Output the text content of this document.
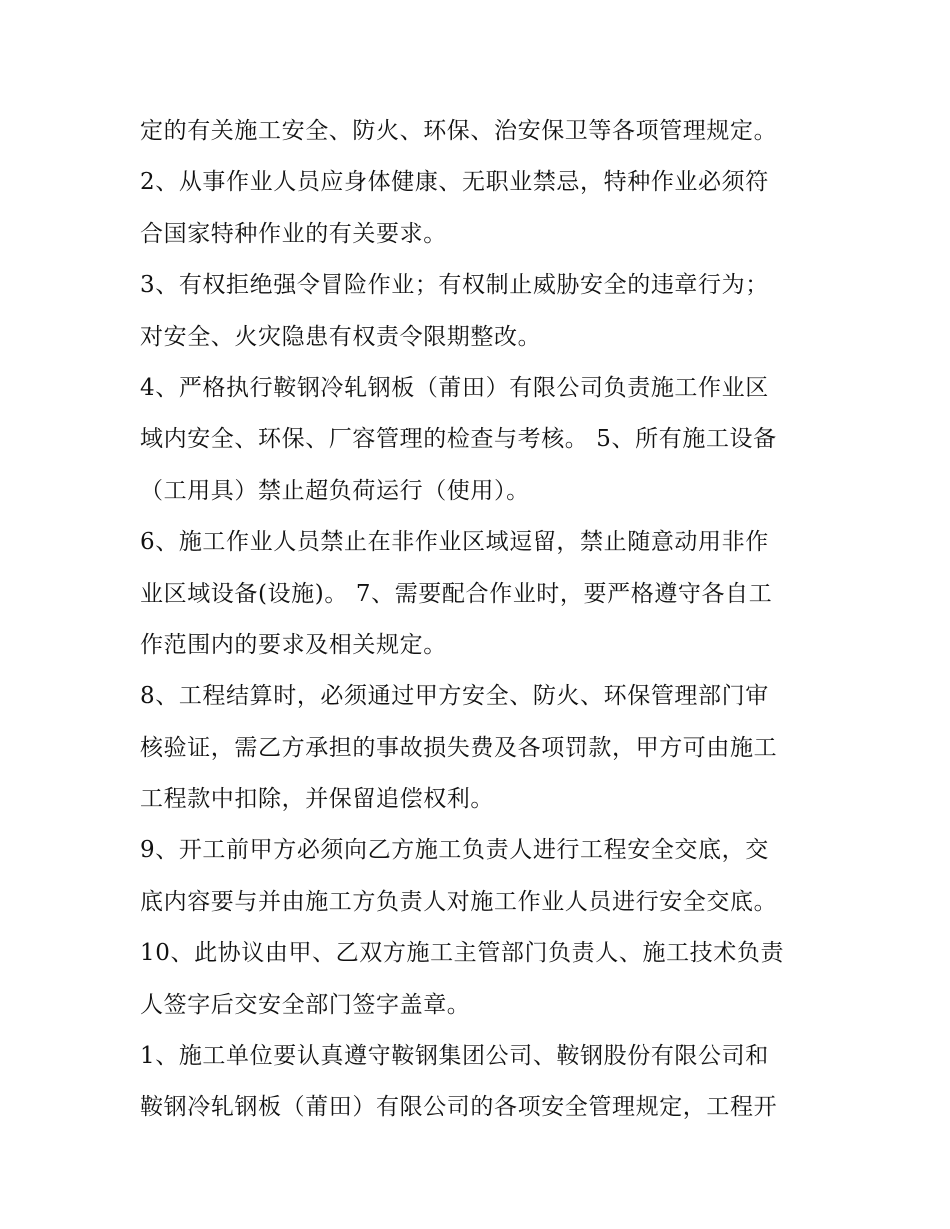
定的有关施工安全、防火、环保、治安保卫等各项管理规定。
2、从事作业人员应身体健康、无职业禁忌，特种作业必须符
合国家特种作业的有关要求。
3、有权拒绝强令冒险作业；有权制止威胁安全的违章行为；
对安全、火灾隐患有权责令限期整改。
4、严格执行鞍钢冷轧钢板（莆田）有限公司负责施工作业区
域内安全、环保、厂容管理的检查与考核。 5、所有施工设备
（工用具）禁止超负荷运行（使用）。
6、施工作业人员禁止在非作业区域逗留，禁止随意动用非作
业区域设备(设施)。 7、需要配合作业时，要严格遵守各自工
作范围内的要求及相关规定。
8、工程结算时，必须通过甲方安全、防火、环保管理部门审
核验证，需乙方承担的事故损失费及各项罚款，甲方可由施工
工程款中扣除，并保留追偿权利。
9、开工前甲方必须向乙方施工负责人进行工程安全交底，交
底内容要与并由施工方负责人对施工作业人员进行安全交底。
10、此协议由甲、乙双方施工主管部门负责人、施工技术负责
人签字后交安全部门签字盖章。
1、施工单位要认真遵守鞍钢集团公司、鞍钢股份有限公司和
鞍钢冷轧钢板（莆田）有限公司的各项安全管理规定，工程开
